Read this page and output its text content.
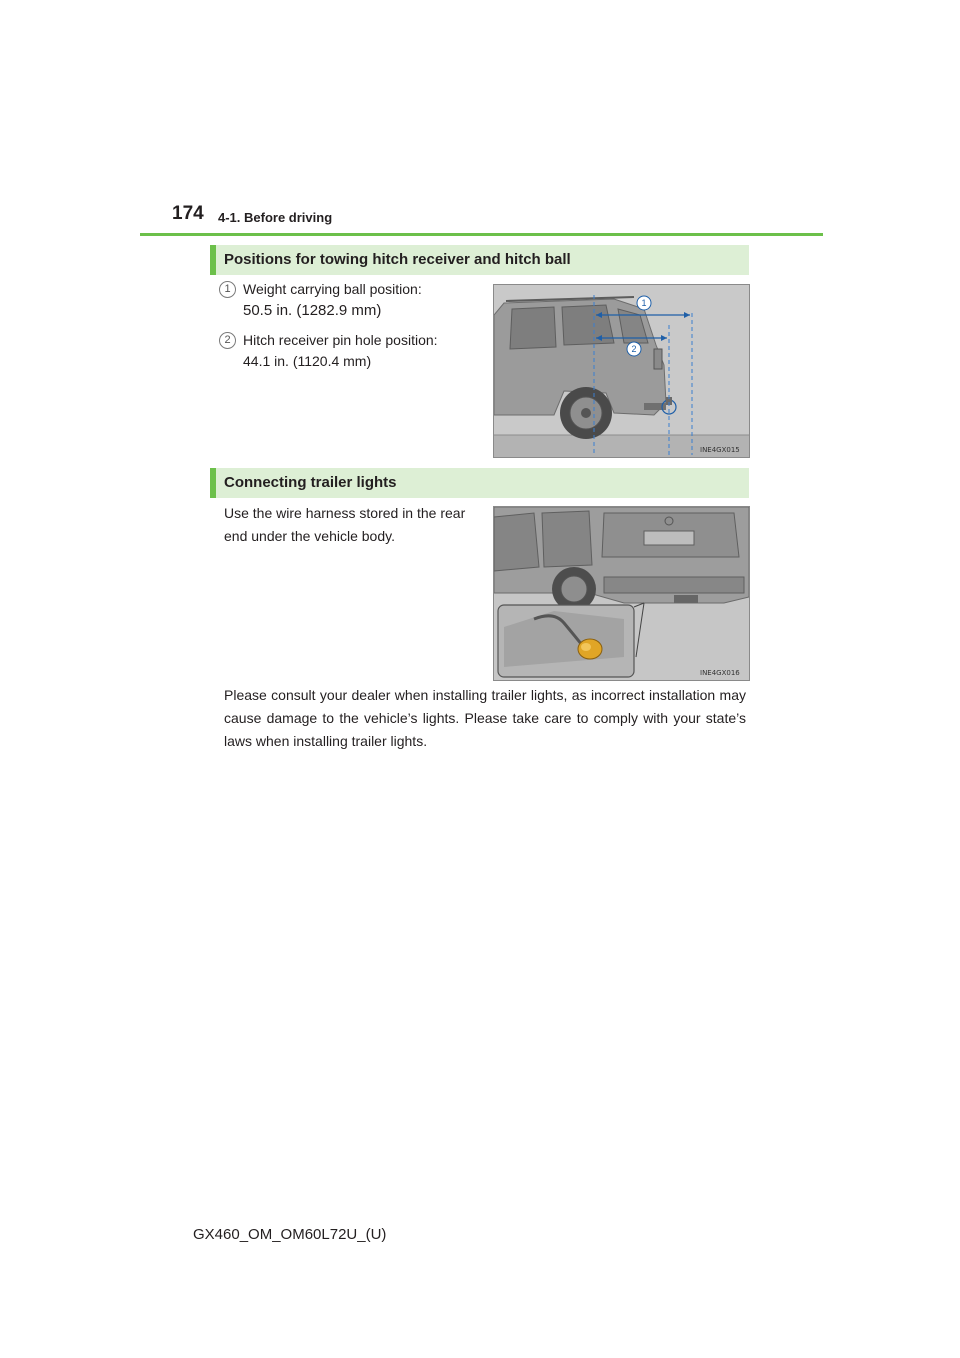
174 4-1. Before driving
Positions for towing hitch receiver and hitch ball
1 Weight carrying ball position:
50.5 in. (1282.9 mm)
2 Hitch receiver pin hole position:
44.1 in. (1120.4 mm)
1
2
INE4GX015
Connecting trailer lights
Use the wire harness stored in the rear
end under the vehicle body.
INE4GX016
Please consult your dealer when installing trailer lights, as incorrect installation may cause damage to the vehicle’s lights. Please take care to comply with your state’s laws when installing trailer lights.
GX460_OM_OM60L72U_(U)
